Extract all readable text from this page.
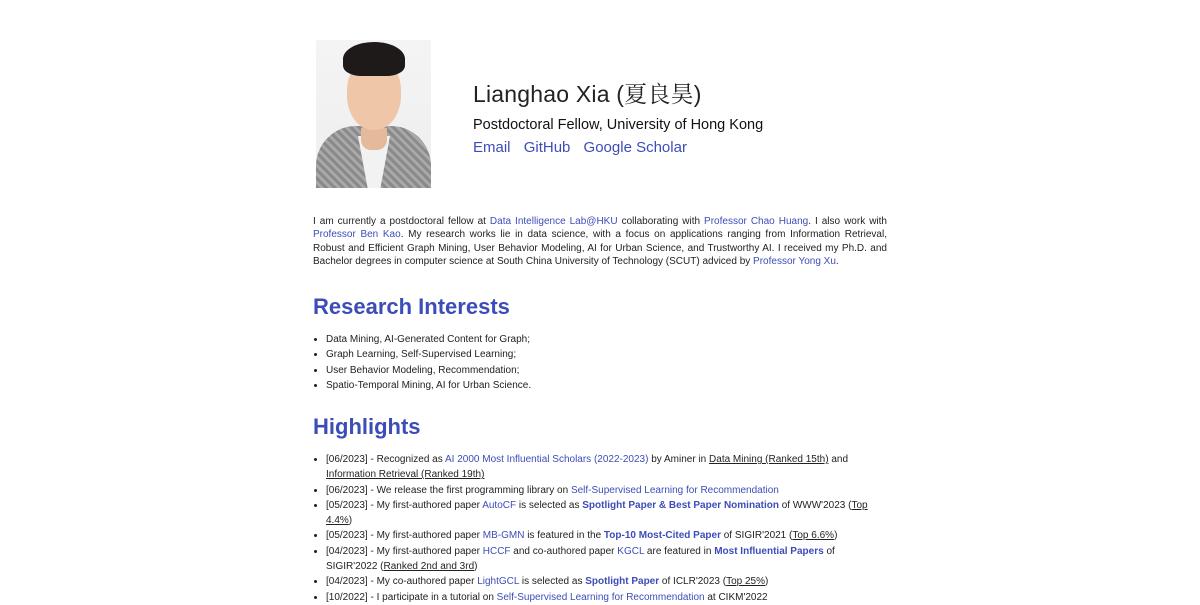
Lianghao Xia (夏良昊)
Postdoctoral Fellow, University of Hong Kong
Email GitHub Google Scholar
I am currently a postdoctoral fellow at Data Intelligence Lab@HKU collaborating with Professor Chao Huang. I also work with Professor Ben Kao. My research works lie in data science, with a focus on applications ranging from Information Retrieval, Robust and Efficient Graph Mining, User Behavior Modeling, AI for Urban Science, and Trustworthy AI. I received my Ph.D. and Bachelor degrees in computer science at South China University of Technology (SCUT) adviced by Professor Yong Xu.
Research Interests
• Data Mining, AI-Generated Content for Graph;
• Graph Learning, Self-Supervised Learning;
• User Behavior Modeling, Recommendation;
• Spatio-Temporal Mining, AI for Urban Science.
Highlights
• [06/2023] - Recognized as AI 2000 Most Influential Scholars (2022-2023) by Aminer in Data Mining (Ranked 15th) and Information Retrieval (Ranked 19th)
• [06/2023] - We release the first programming library on Self-Supervised Learning for Recommendation
• [05/2023] - My first-authored paper AutoCF is selected as Spotlight Paper & Best Paper Nomination of WWW'2023 (Top 4.4%)
• [05/2023] - My first-authored paper MB-GMN is featured in the Top-10 Most-Cited Paper of SIGIR'2021 (Top 6.6%)
• [04/2023] - My first-authored paper HCCF and co-authored paper KGCL are featured in Most Influential Papers of SIGIR'2022 (Ranked 2nd and 3rd)
• [04/2023] - My co-authored paper LightGCL is selected as Spotlight Paper of ICLR'2023 (Top 25%)
• [10/2022] - I participate in a tutorial on Self-Supervised Learning for Recommendation at CIKM'2022
